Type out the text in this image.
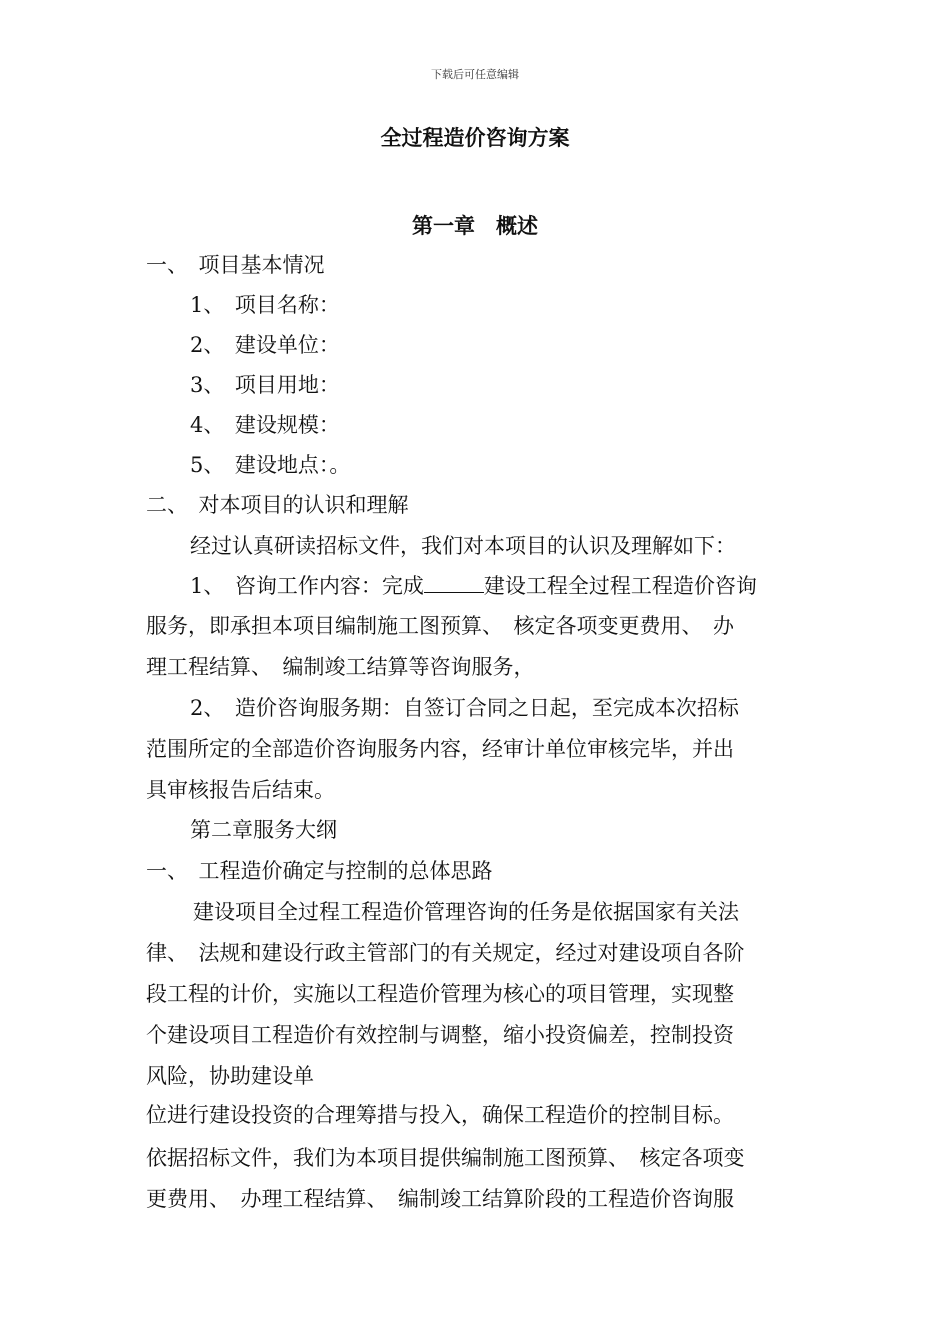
下载后可任意编辑
全过程造价咨询方案
第一章　概述
一、　项目基本情况
1、　项目名称：
2、　建设单位：
3、　项目用地：
4、　建设规模：
5、　建设地点：。
二、　对本项目的认识和理解
经过认真研读招标文件，我们对本项目的认识及理解如下：
1、　咨询工作内容：完成	建设工程全过程工程造价咨询
服务，即承担本项目编制施工图预算、　核定各项变更费用、　办
理工程结算、　编制竣工结算等咨询服务，
2、　造价咨询服务期：自签订合同之日起，至完成本次招标
范围所定的全部造价咨询服务内容，经审计单位审核完毕，并出
具审核报告后结束。
第二章服务大纲
一、　工程造价确定与控制的总体思路
建设项目全过程工程造价管理咨询的任务是依据国家有关法
律、　法规和建设行政主管部门的有关规定，经过对建设项自各阶
段工程的计价，实施以工程造价管理为核心的项目管理，实现整
个建设项目工程造价有效控制与调整，缩小投资偏差，控制投资
风险，协助建设单
位进行建设投资的合理筹措与投入，确保工程造价的控制目标。
依据招标文件，我们为本项目提供编制施工图预算、　核定各项变
更费用、　办理工程结算、　编制竣工结算阶段的工程造价咨询服
